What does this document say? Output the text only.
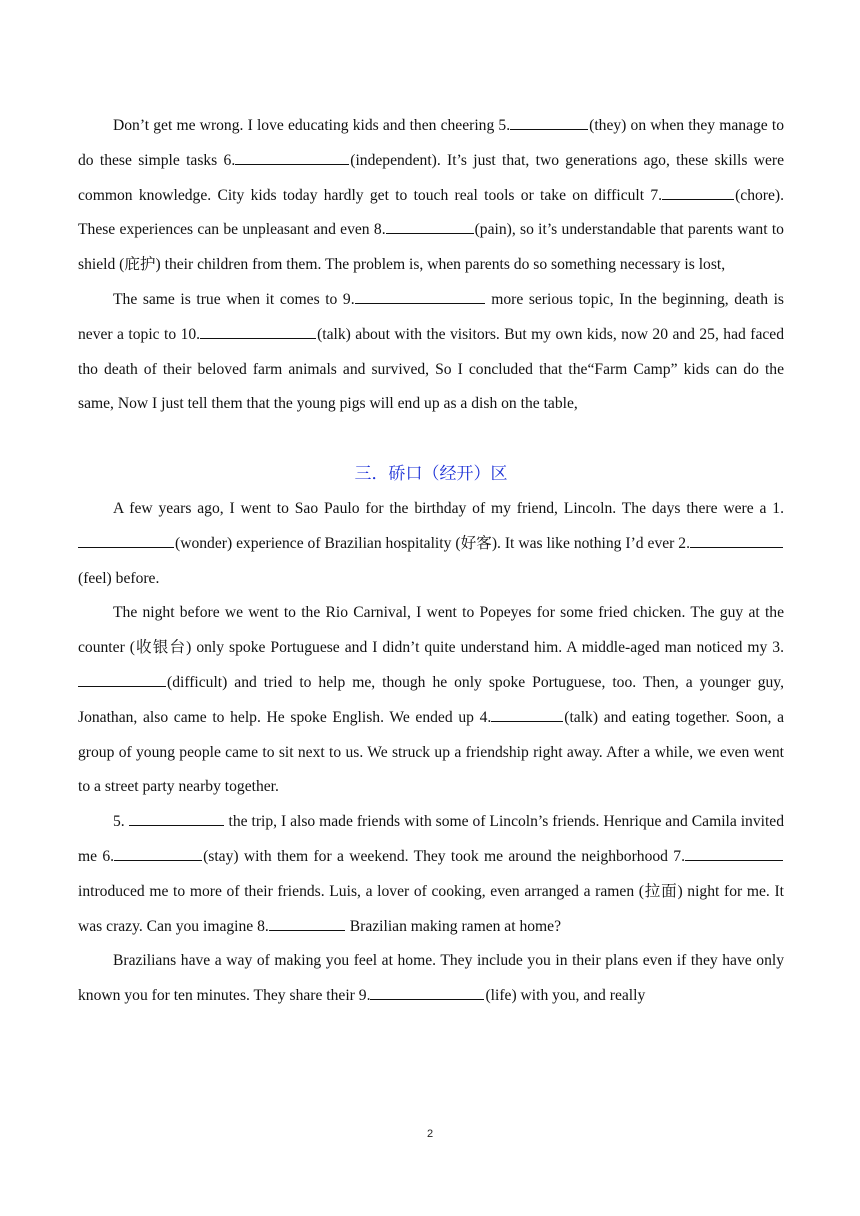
Don’t get me wrong. I love educating kids and then cheering 5.	(they) on when they manage to do these simple tasks 6.	(independent). It’s just that, two generations ago, these skills were common knowledge. City kids today hardly get to touch real tools or take on difficult 7.	(chore). These experiences can be unpleasant and even 8.	(pain), so it’s understandable that parents want to shield (庇护) their children from them. The problem is, when parents do so something necessary is lost,

The same is true when it comes to 9.	more serious topic, In the beginning, death is never a topic to 10.	(talk) about with the visitors. But my own kids, now 20 and 25, had faced tho death of their beloved farm animals and survived, So I concluded that the“Farm Camp” kids can do the same, Now I just tell them that the young pigs will end up as a dish on the table,

三．硚口（经开）区

A few years ago, I went to Sao Paulo for the birthday of my friend, Lincoln. The days there were a 1.(wonder) experience of Brazilian hospitality (好客). It was like nothing I’d ever 2.(feel) before.

The night before we went to the Rio Carnival, I went to Popeyes for some fried chicken. The guy at the counter (收银台) only spoke Portuguese and I didn’t quite understand him. A middle-aged man noticed my 3.(difficult) and tried to help me, though he only spoke Portuguese, too. Then, a younger guy, Jonathan, also came to help. He spoke English. We ended up 4.	(talk) and eating together. Soon, a group of young people came to sit next to us. We struck up a friendship right away. After a while, we even went to a street party nearby together.

5.	the trip, I also made friends with some of Lincoln’s friends. Henrique and Camila invited me 6.	(stay) with them for a weekend. They took me around the neighborhood 7. introduced me to more of their friends. Luis, a lover of cooking, even arranged a ramen (拉面) night for me. It was crazy. Can you imagine 8.	Brazilian making ramen at home?

Brazilians have a way of making you feel at home. They include you in their plans even if they have only known you for ten minutes. They share their 9.	(life) with you, and really

2
